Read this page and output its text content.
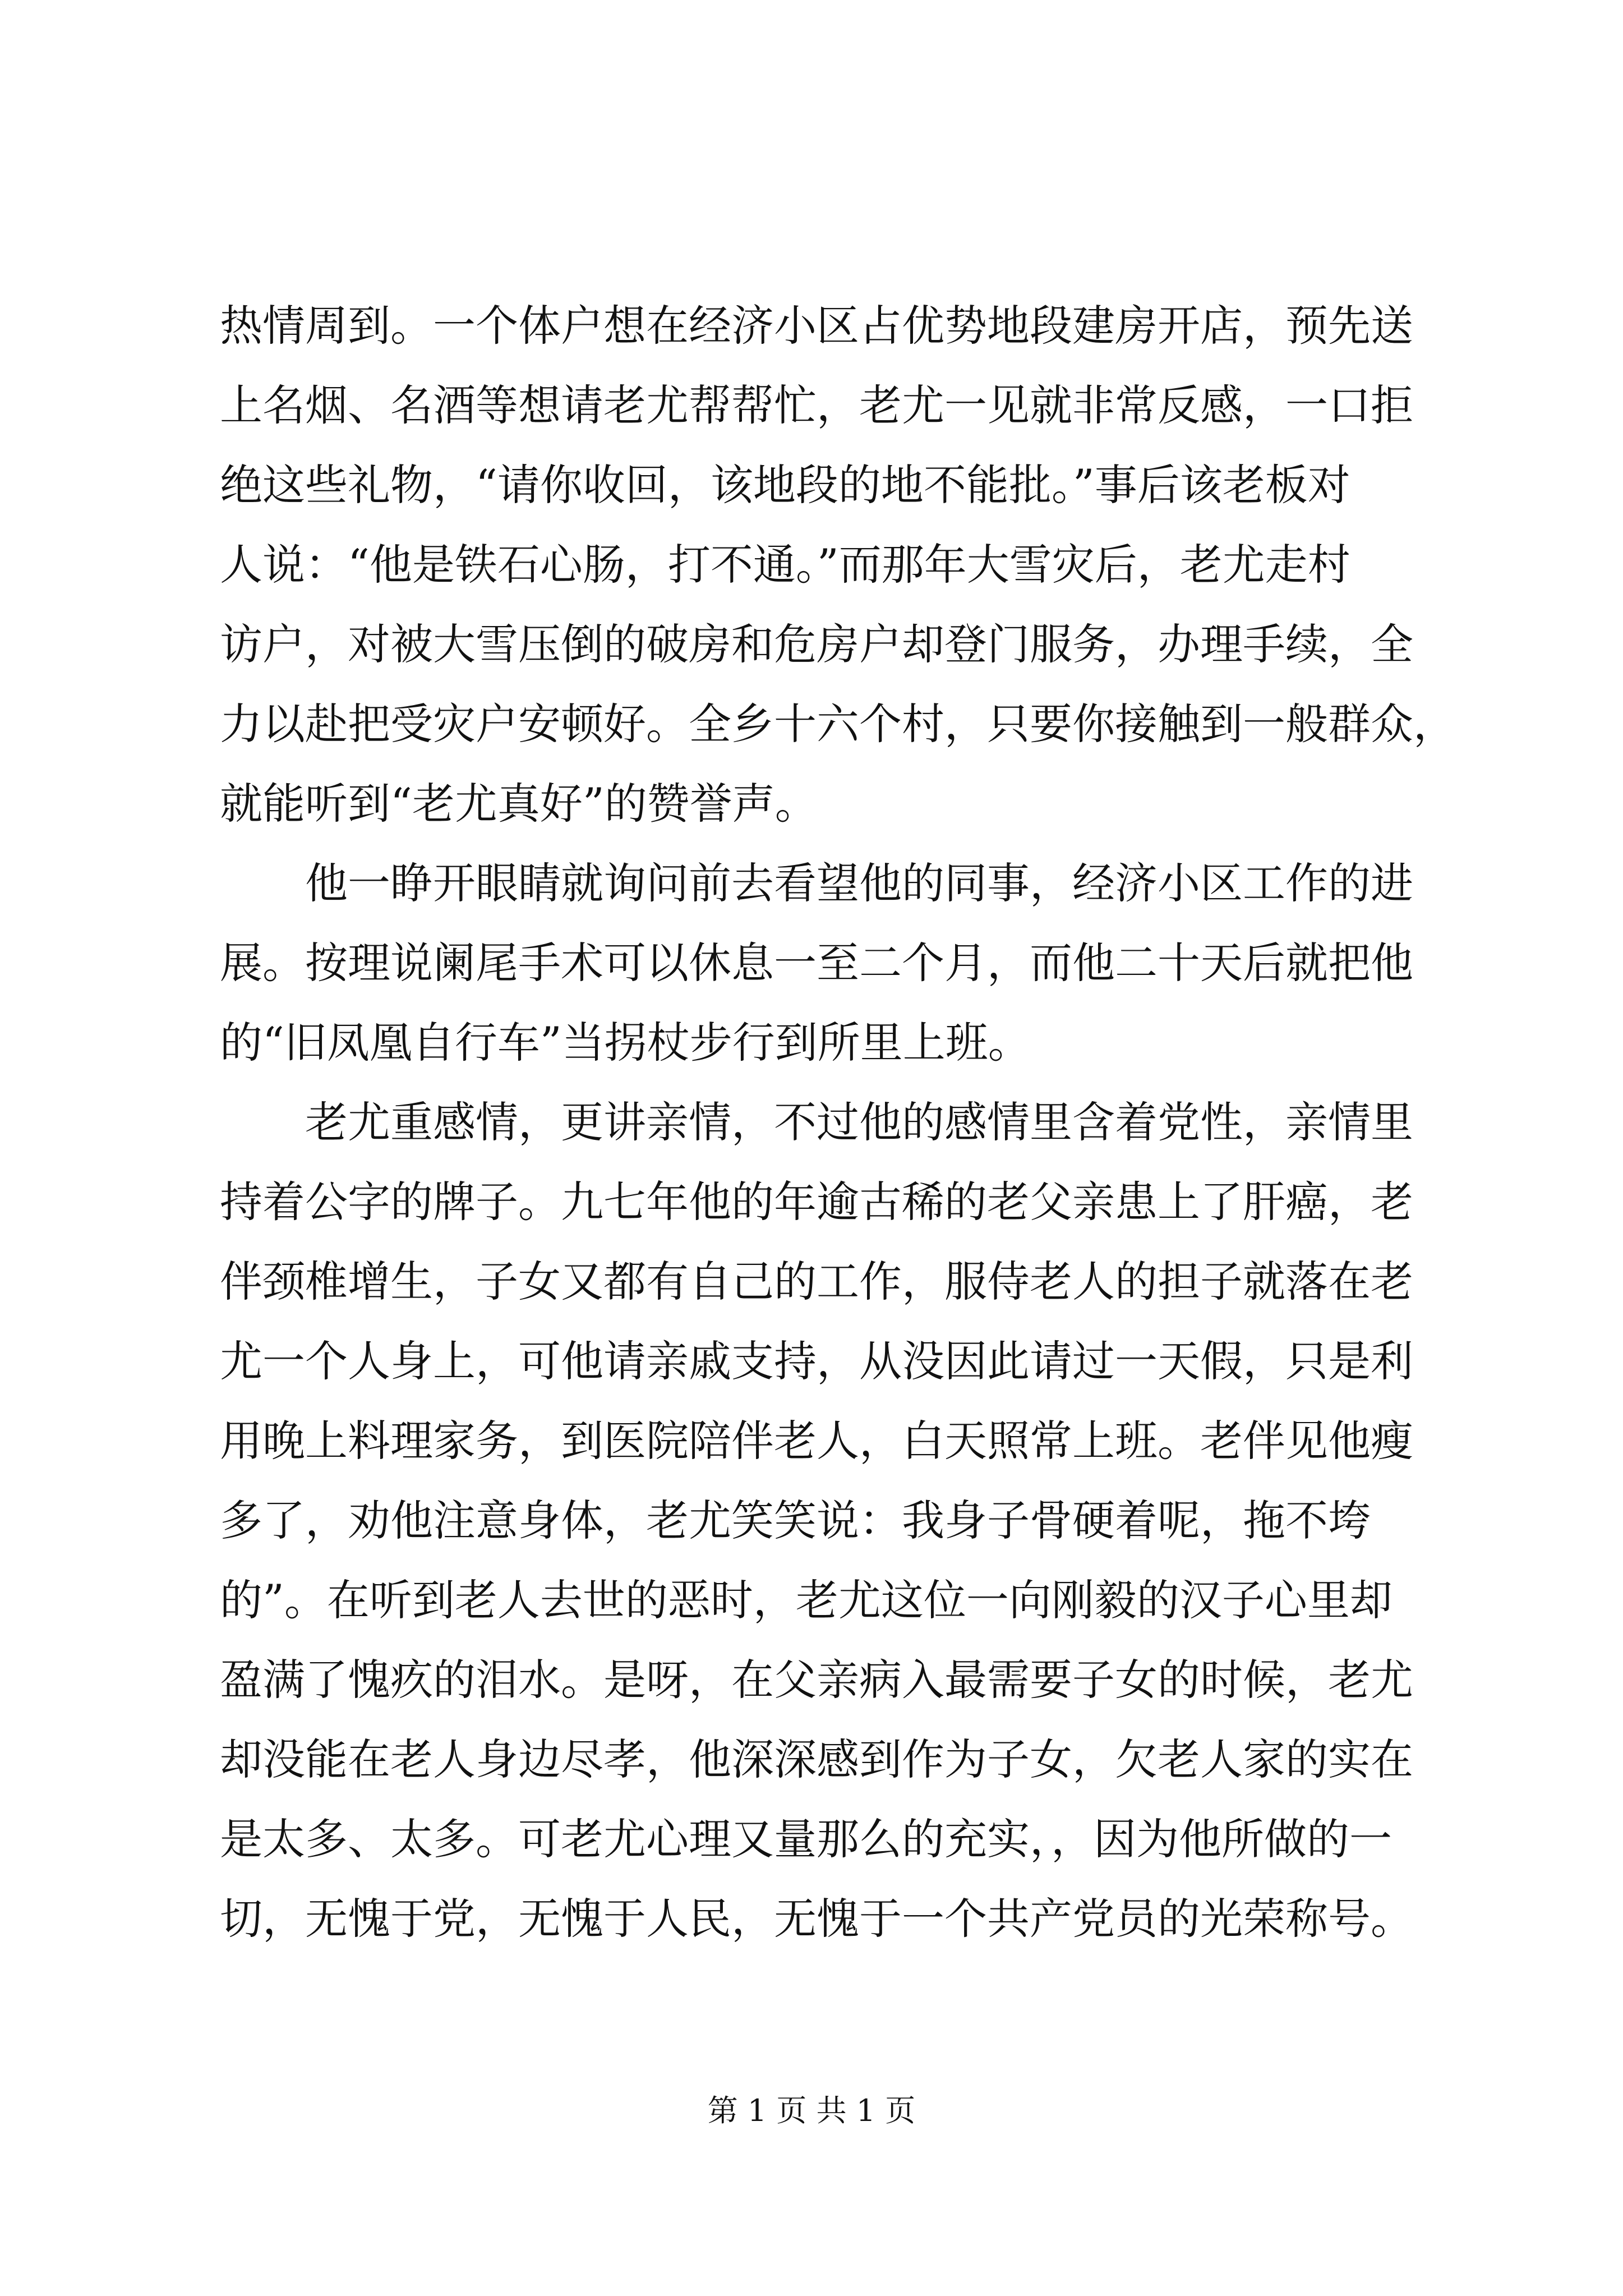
热情周到。一个体户想在经济小区占优势地段建房开店，预先送
上名烟、名酒等想请老尤帮帮忙，老尤一见就非常反感，一口拒
绝这些礼物，“请你收回，该地段的地不能批。”事后该老板对
人说：“他是铁石心肠，打不通。”而那年大雪灾后，老尤走村
访户，对被大雪压倒的破房和危房户却登门服务，办理手续，全
力以赴把受灾户安顿好。全乡十六个村，只要你接触到一般群众，
就能听到“老尤真好”的赞誉声。
　　他一睁开眼睛就询问前去看望他的同事，经济小区工作的进
展。按理说阑尾手术可以休息一至二个月，而他二十天后就把他
的“旧凤凰自行车”当拐杖步行到所里上班。
　　老尤重感情，更讲亲情，不过他的感情里含着党性，亲情里
持着公字的牌子。九七年他的年逾古稀的老父亲患上了肝癌，老
伴颈椎增生，子女又都有自己的工作，服侍老人的担子就落在老
尤一个人身上，可他请亲戚支持，从没因此请过一天假，只是利
用晚上料理家务，到医院陪伴老人，白天照常上班。老伴见他瘦
多了，劝他注意身体，老尤笑笑说：我身子骨硬着呢，拖不垮
的”。在听到老人去世的恶时，老尤这位一向刚毅的汉子心里却
盈满了愧疚的泪水。是呀，在父亲病入最需要子女的时候，老尤
却没能在老人身边尽孝，他深深感到作为子女，欠老人家的实在
是太多、太多。可老尤心理又量那么的充实，，因为他所做的一
切，无愧于党，无愧于人民，无愧于一个共产党员的光荣称号。
第 1 页 共 1 页
